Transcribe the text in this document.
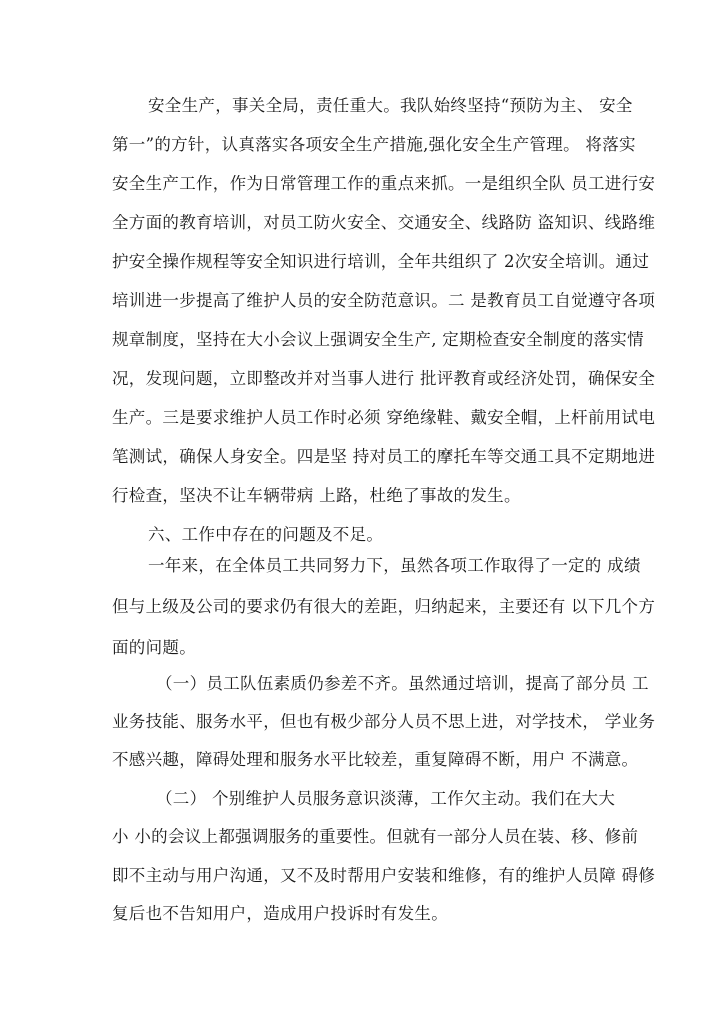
安全生产，事关全局，责任重大。我队始终坚持“预防为主、 安全
第一”的方针，认真落实各项安全生产措施,强化安全生产管理。 将落实
安全生产工作，作为日常管理工作的重点来抓。一是组织全队 员工进行安
全方面的教育培训，对员工防火安全、交通安全、线路防 盗知识、线路维
护安全操作规程等安全知识进行培训，全年共组织了 2次安全培训。通过
培训进一步提高了维护人员的安全防范意识。二 是教育员工自觉遵守各项
规章制度，坚持在大小会议上强调安全生产, 定期检查安全制度的落实情
况，发现问题，立即整改并对当事人进行 批评教育或经济处罚，确保安全
生产。三是要求维护人员工作时必须 穿绝缘鞋、戴安全帽，上杆前用试电
笔测试，确保人身安全。四是坚 持对员工的摩托车等交通工具不定期地进
行检查，坚决不让车辆带病 上路，杜绝了事故的发生。
六、工作中存在的问题及不足。
一年来，在全体员工共同努力下，虽然各项工作取得了一定的 成绩
但与上级及公司的要求仍有很大的差距，归纳起来，主要还有 以下几个方
面的问题。
（一）员工队伍素质仍参差不齐。虽然通过培训，提高了部分员 工
业务技能、服务水平，但也有极少部分人员不思上进，对学技术， 学业务
不感兴趣，障碍处理和服务水平比较差，重复障碍不断，用户 不满意。
（二） 个别维护人员服务意识淡薄，工作欠主动。我们在大大
小 小的会议上都强调服务的重要性。但就有一部分人员在装、移、修前
即不主动与用户沟通，又不及时帮用户安装和维修，有的维护人员障 碍修
复后也不告知用户，造成用户投诉时有发生。
